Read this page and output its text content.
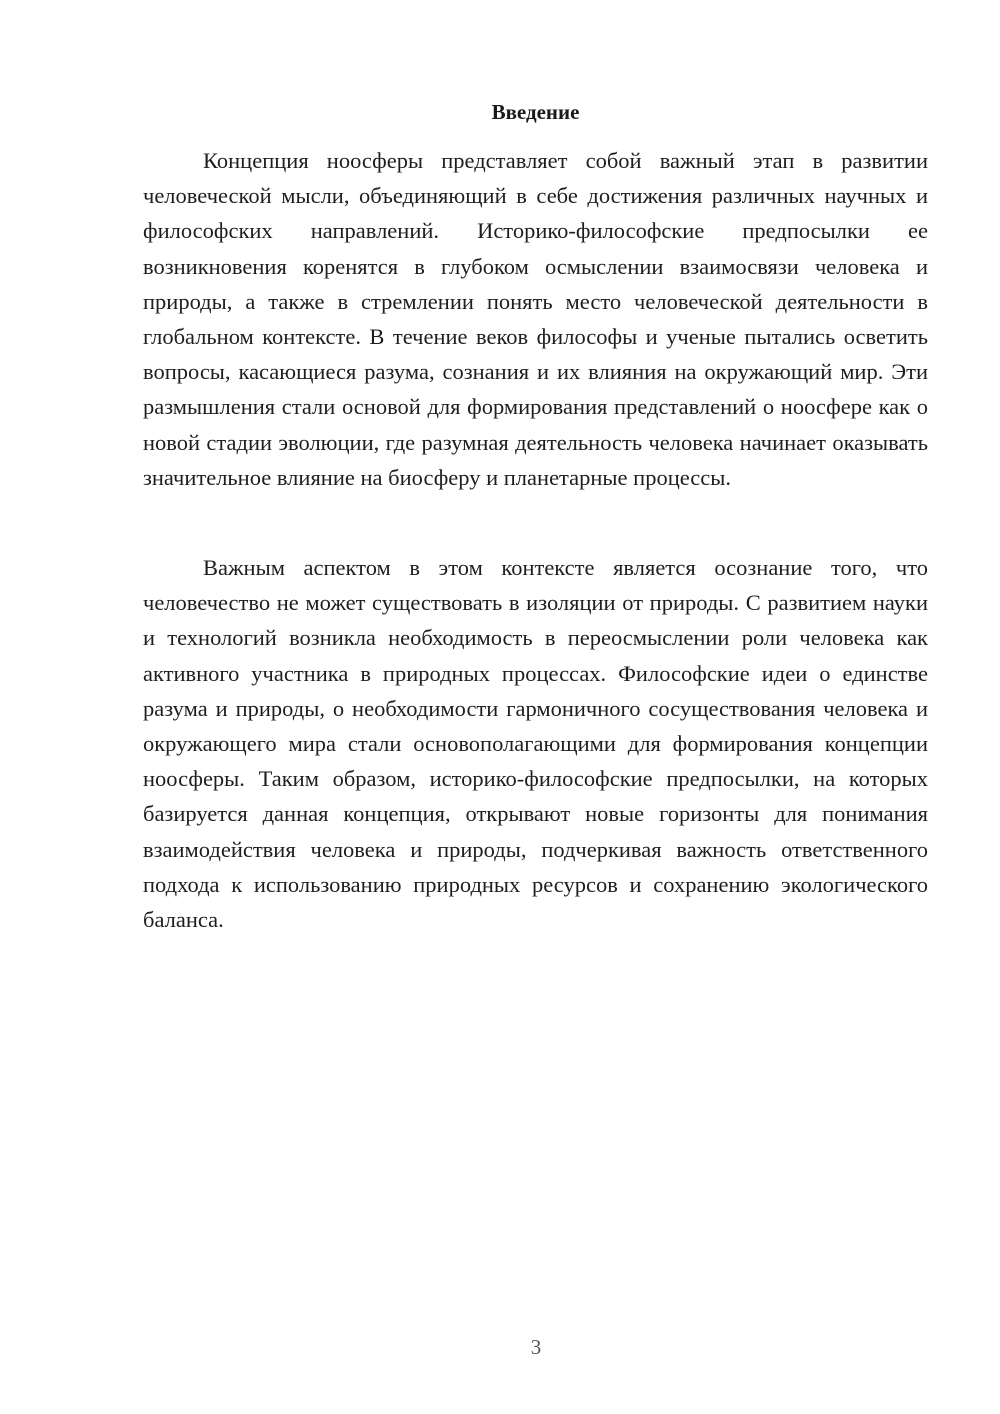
Введение

Концепция ноосферы представляет собой важный этап в развитии человеческой мысли, объединяющий в себе достижения различных научных и философских направлений. Историко-философские предпосылки ее возникновения коренятся в глубоком осмыслении взаимосвязи человека и природы, а также в стремлении понять место человеческой деятельности в глобальном контексте. В течение веков философы и ученые пытались осветить вопросы, касающиеся разума, сознания и их влияния на окружающий мир. Эти размышления стали основой для формирования представлений о ноосфере как о новой стадии эволюции, где разумная деятельность человека начинает оказывать значительное влияние на биосферу и планетарные процессы.

Важным аспектом в этом контексте является осознание того, что человечество не может существовать в изоляции от природы. С развитием науки и технологий возникла необходимость в переосмыслении роли человека как активного участника в природных процессах. Философские идеи о единстве разума и природы, о необходимости гармоничного сосуществования человека и окружающего мира стали основополагающими для формирования концепции ноосферы. Таким образом, историко-философские предпосылки, на которых базируется данная концепция, открывают новые горизонты для понимания взаимодействия человека и природы, подчеркивая важность ответственного подхода к использованию природных ресурсов и сохранению экологического баланса.

3
